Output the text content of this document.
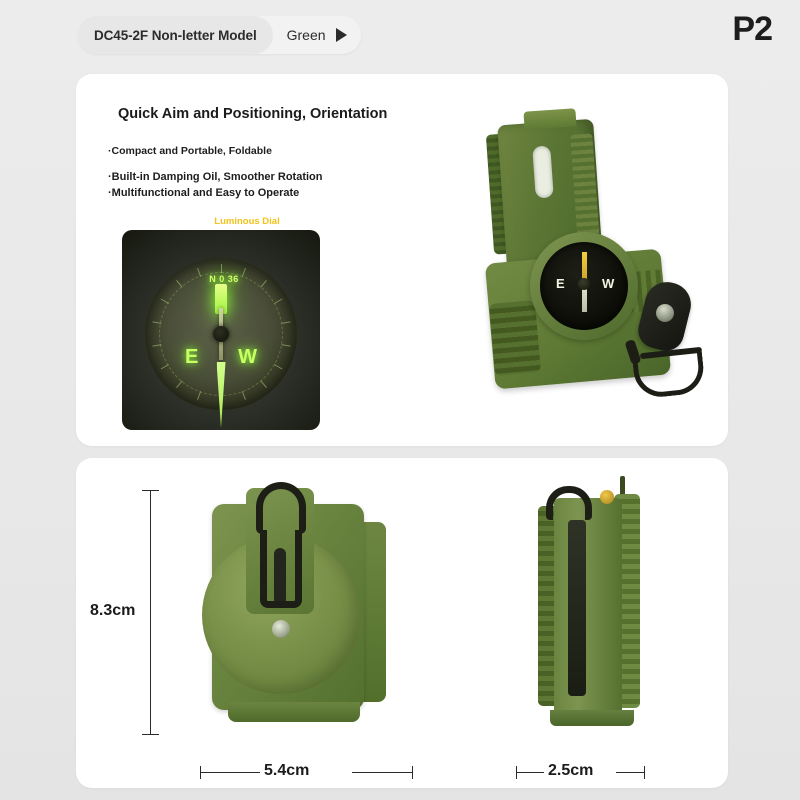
DC45-2F Non-letter Model	Green	P2
Quick Aim and Positioning, Orientation
·Compact and Portable, Foldable
·Built-in Damping Oil, Smoother Rotation ·Multifunctional and Easy to Operate
Luminous Dial
N 0 36
E W
E	W
8.3cm
5.4cm	2.5cm
